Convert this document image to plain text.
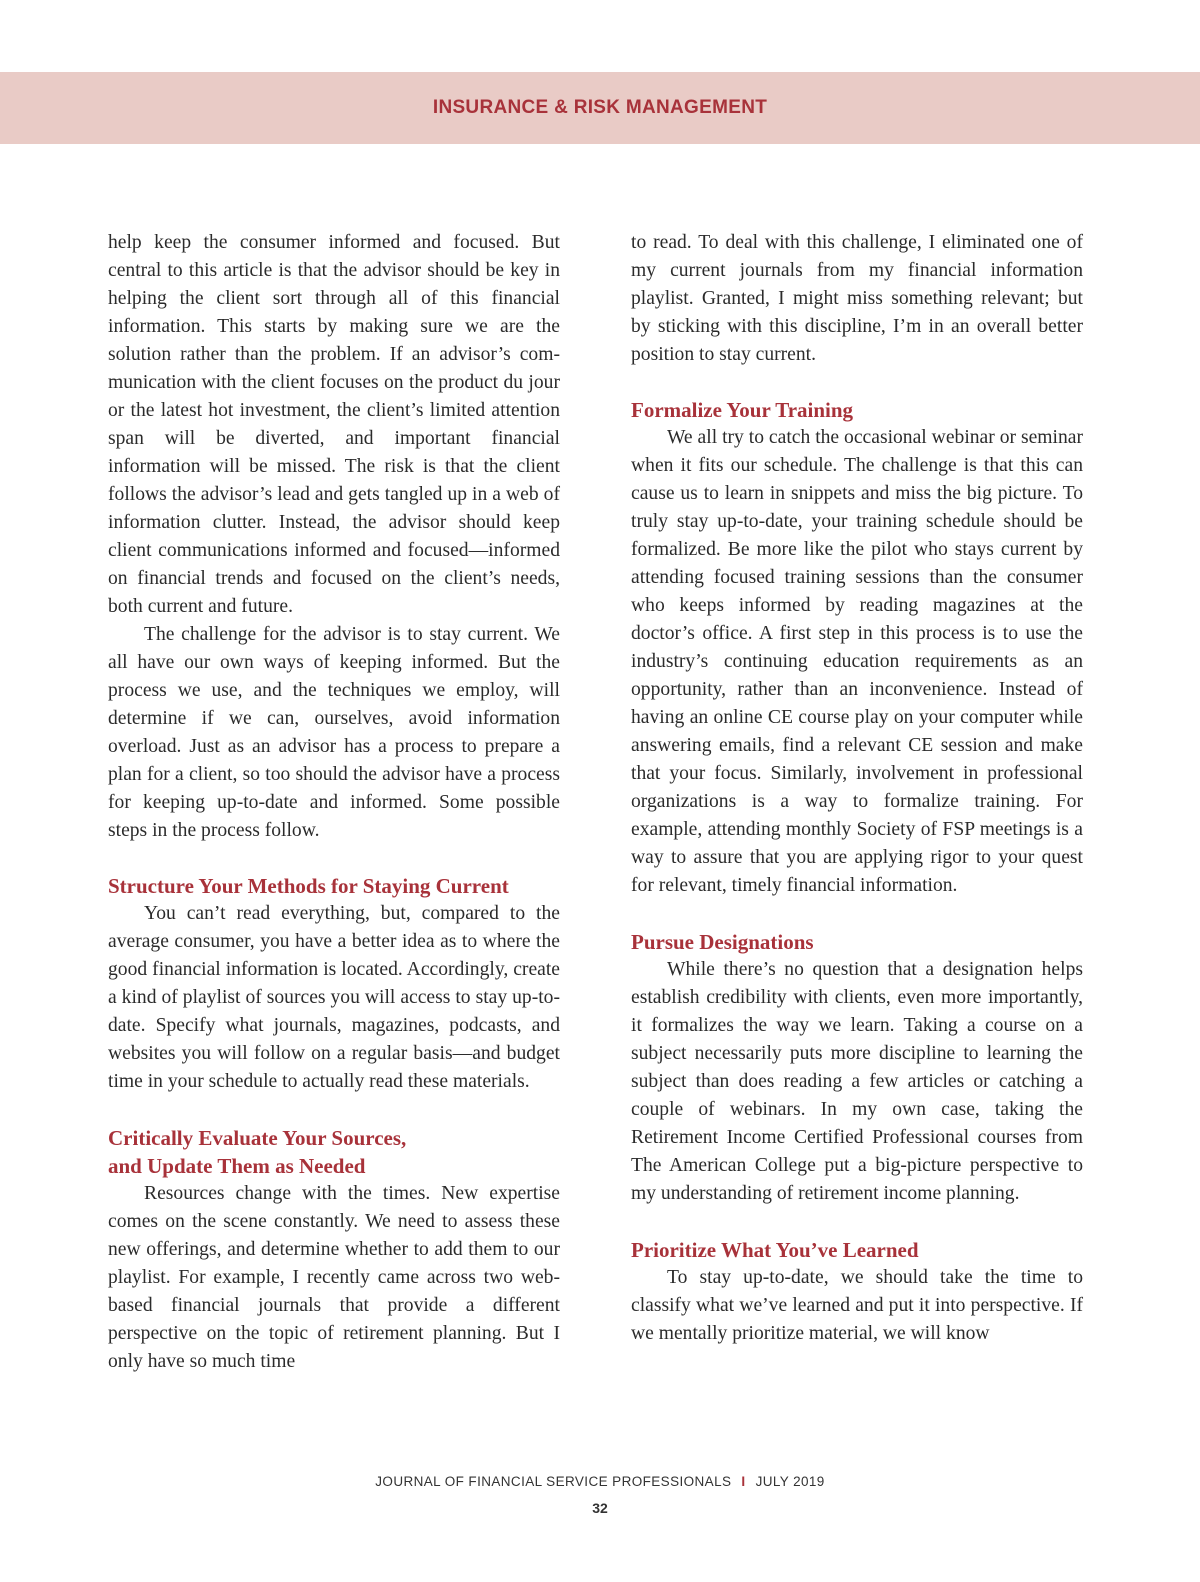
INSURANCE & RISK MANAGEMENT

help keep the consumer informed and focused. But central to this article is that the advisor should be key in helping the client sort through all of this financial information. This starts by making sure we are the solution rather than the problem. If an advisor’s communication with the client focuses on the product du jour or the latest hot investment, the client’s limited attention span will be diverted, and important financial information will be missed. The risk is that the client follows the advisor’s lead and gets tangled up in a web of information clutter. Instead, the advisor should keep client communications informed and focused—informed on financial trends and focused on the client’s needs, both current and future.

The challenge for the advisor is to stay current. We all have our own ways of keeping informed. But the process we use, and the techniques we employ, will determine if we can, ourselves, avoid information overload. Just as an advisor has a process to prepare a plan for a client, so too should the advisor have a process for keeping up-to-date and informed. Some possible steps in the process follow.

Structure Your Methods for Staying Current

You can’t read everything, but, compared to the average consumer, you have a better idea as to where the good financial information is located. Accordingly, create a kind of playlist of sources you will access to stay up-to-date. Specify what journals, magazines, podcasts, and websites you will follow on a regular basis—and budget time in your schedule to actually read these materials.

Critically Evaluate Your Sources,
and Update Them as Needed

Resources change with the times. New expertise comes on the scene constantly. We need to assess these new offerings, and determine whether to add them to our playlist. For example, I recently came across two web-based financial journals that provide a different perspective on the topic of retirement planning. But I only have so much time

to read. To deal with this challenge, I eliminated one of my current journals from my financial information playlist. Granted, I might miss something relevant; but by sticking with this discipline, I’m in an overall better position to stay current.

Formalize Your Training

We all try to catch the occasional webinar or seminar when it fits our schedule. The challenge is that this can cause us to learn in snippets and miss the big picture. To truly stay up-to-date, your training schedule should be formalized. Be more like the pilot who stays current by attending focused training sessions than the consumer who keeps informed by reading magazines at the doctor’s office. A first step in this process is to use the industry’s continuing education requirements as an opportunity, rather than an inconvenience. Instead of having an online CE course play on your computer while answering emails, find a relevant CE session and make that your focus. Similarly, involvement in professional organizations is a way to formalize training. For example, attending monthly Society of FSP meetings is a way to assure that you are applying rigor to your quest for relevant, timely financial information.

Pursue Designations

While there’s no question that a designation helps establish credibility with clients, even more importantly, it formalizes the way we learn. Taking a course on a subject necessarily puts more discipline to learning the subject than does reading a few articles or catching a couple of webinars. In my own case, taking the Retirement Income Certified Professional courses from The American College put a big-picture perspective to my understanding of retirement income planning.

Prioritize What You’ve Learned

To stay up-to-date, we should take the time to classify what we’ve learned and put it into perspective. If we mentally prioritize material, we will know

JOURNAL OF FINANCIAL SERVICE PROFESSIONALS I JULY 2019
32
